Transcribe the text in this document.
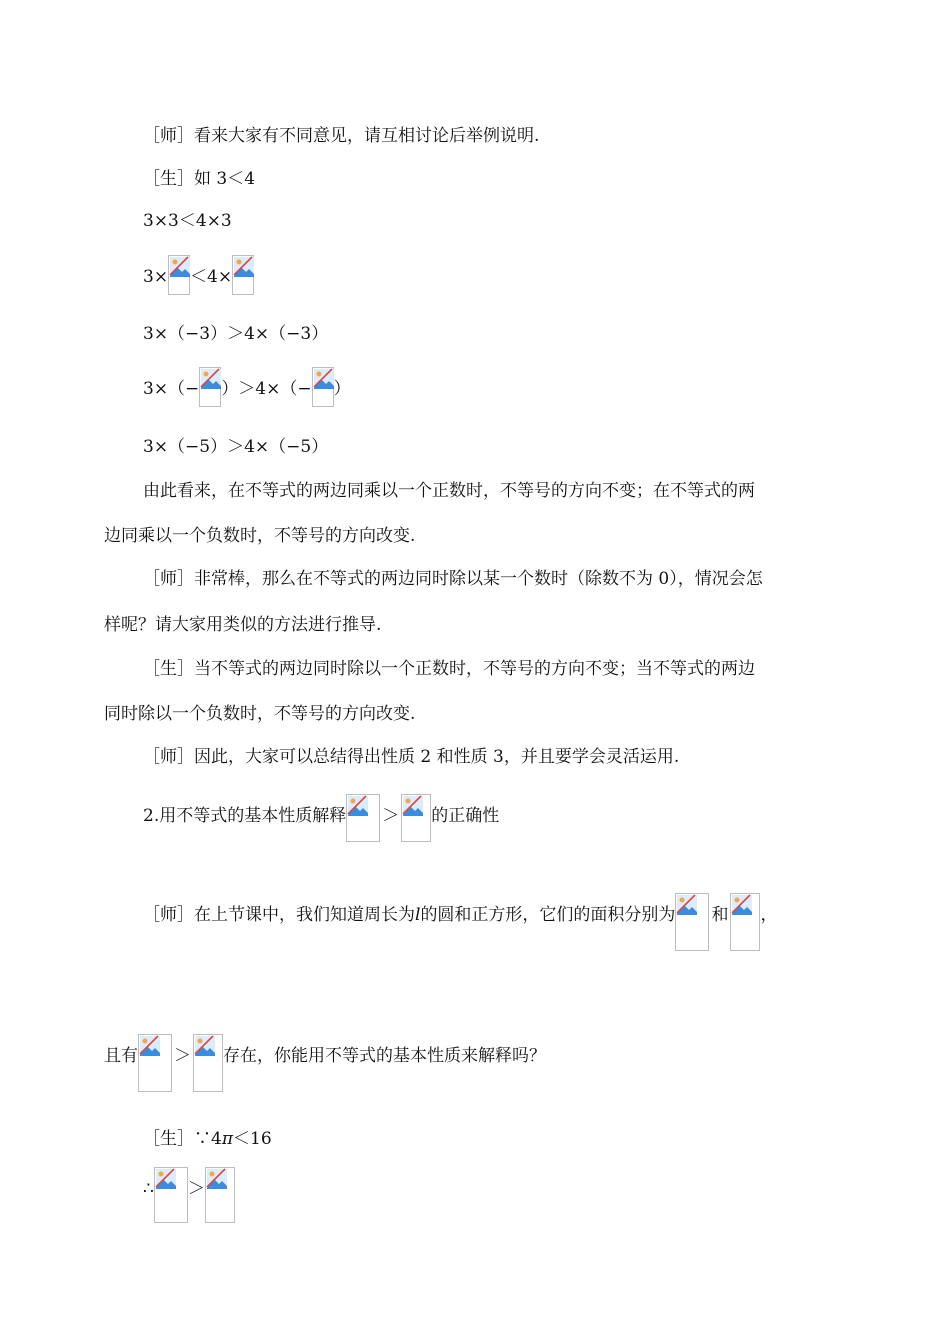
［师］看来大家有不同意见，请互相讨论后举例说明.
［生］如 3＜4
3×3＜4×3
3× ＜4×
3×（−3）＞4×（−3）
3×（− ）＞4×（− ）
3×（−5）＞4×（−5）
由此看来，在不等式的两边同乘以一个正数时，不等号的方向不变；在不等式的两
边同乘以一个负数时，不等号的方向改变.
［师］非常棒，那么在不等式的两边同时除以某一个数时（除数不为 0），情况会怎
样呢？请大家用类似的方法进行推导.
［生］当不等式的两边同时除以一个正数时，不等号的方向不变；当不等式的两边
同时除以一个负数时，不等号的方向改变.
［师］因此，大家可以总结得出性质 2 和性质 3，并且要学会灵活运用.
2.用不等式的基本性质解释 ＞ 的正确性
［师］在上节课中，我们知道周长为l的圆和正方形，它们的面积分别为 和 ，
且有 ＞ 存在，你能用不等式的基本性质来解释吗？
［生］∵4π＜16
∴ ＞
